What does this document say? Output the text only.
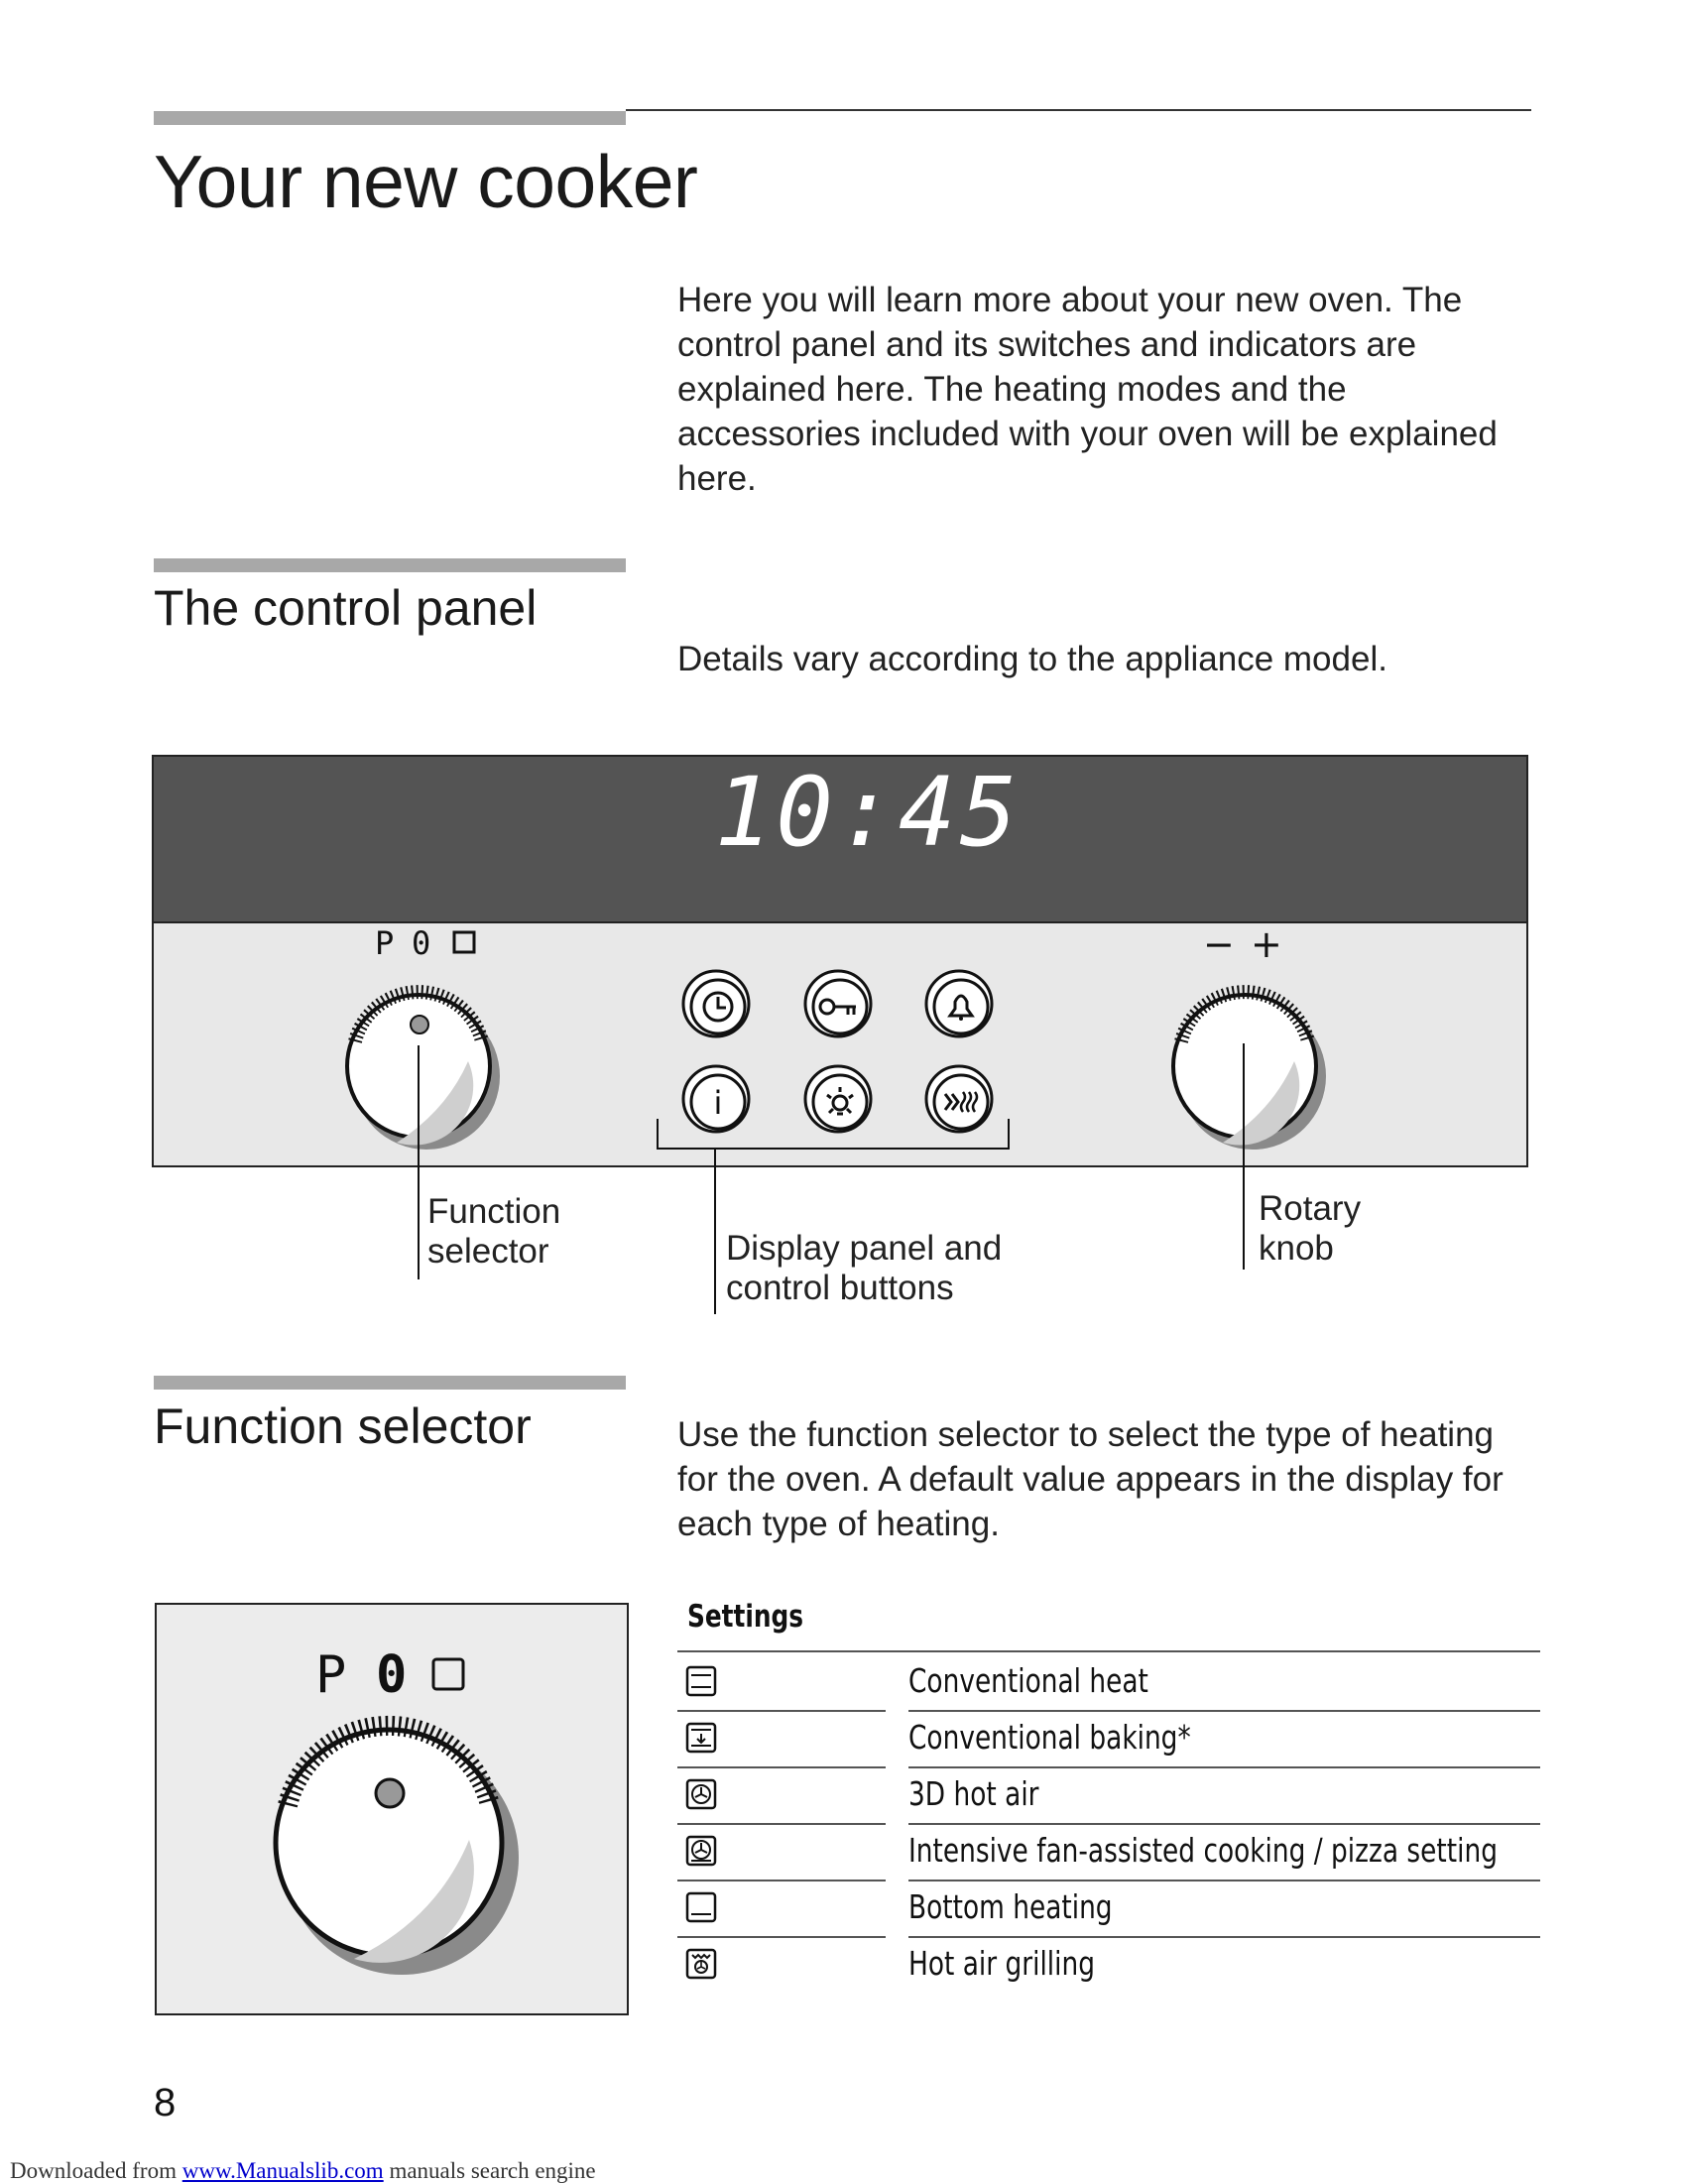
Your new cooker

Here you will learn more about your new oven. The
control panel and its switches and indicators are
explained here. The heating modes and the
accessories included with your oven will be explained
here.

The control panel

Details vary according to the appliance model.

10:45
P 0	− +
i
Function
selector	Display panel and
control buttons
Rotary
knob
Function selector	Use the function selector to select the type of heating
for the oven. A default value appears in the display for
each type of heating.

P 0
Settings
Conventional heat
Conventional baking*
3D hot air
Intensive fan-assisted cooking / pizza setting
Bottom heating
Hot air grilling
8
Downloaded from www.Manualslib.com manuals search engine
